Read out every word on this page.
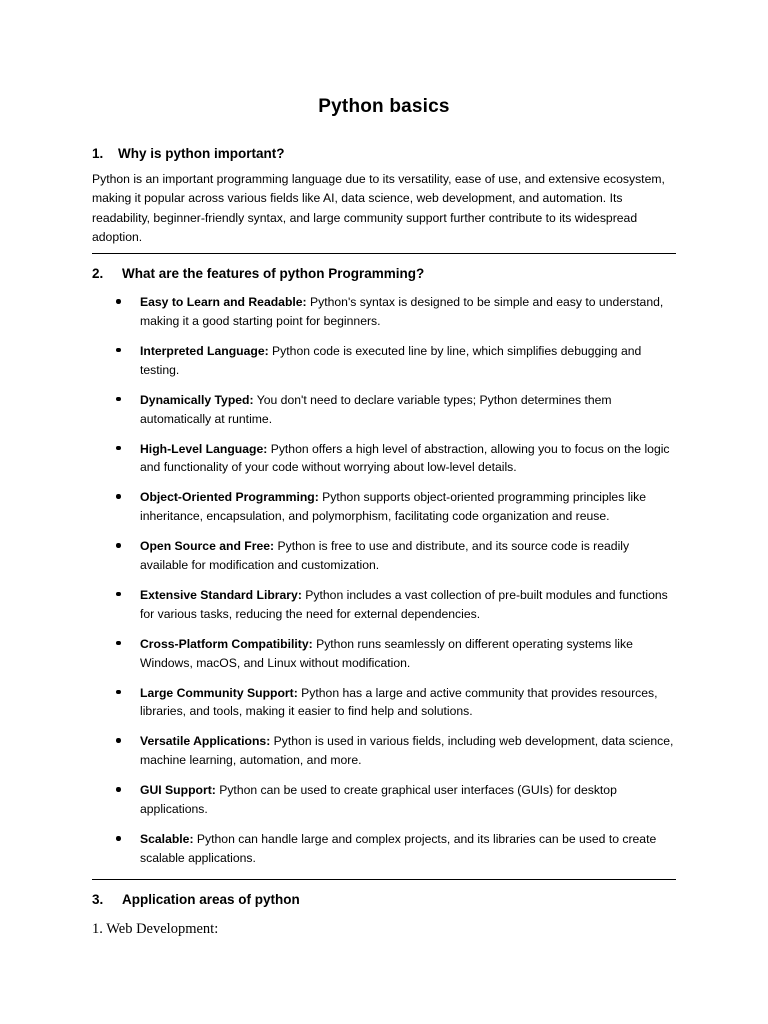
Python basics
1. Why is python important?

Python is an important programming language due to its versatility, ease of use, and extensive ecosystem, making it popular across various fields like AI, data science, web development, and automation. Its readability, beginner-friendly syntax, and large community support further contribute to its widespread adoption.

2. What are the features of python Programming?
Easy to Learn and Readable: Python's syntax is designed to be simple and easy to understand, making it a good starting point for beginners.
Interpreted Language: Python code is executed line by line, which simplifies debugging and testing.
Dynamically Typed: You don't need to declare variable types; Python determines them automatically at runtime.
High-Level Language: Python offers a high level of abstraction, allowing you to focus on the logic and functionality of your code without worrying about low-level details.
Object-Oriented Programming: Python supports object-oriented programming principles like inheritance, encapsulation, and polymorphism, facilitating code organization and reuse.
Open Source and Free: Python is free to use and distribute, and its source code is readily available for modification and customization.
Extensive Standard Library: Python includes a vast collection of pre-built modules and functions for various tasks, reducing the need for external dependencies.
Cross-Platform Compatibility: Python runs seamlessly on different operating systems like Windows, macOS, and Linux without modification.
Large Community Support: Python has a large and active community that provides resources, libraries, and tools, making it easier to find help and solutions.
Versatile Applications: Python is used in various fields, including web development, data science, machine learning, automation, and more.
GUI Support: Python can be used to create graphical user interfaces (GUIs) for desktop applications.
Scalable: Python can handle large and complex projects, and its libraries can be used to create scalable applications.
3. Application areas of python

1. Web Development:
